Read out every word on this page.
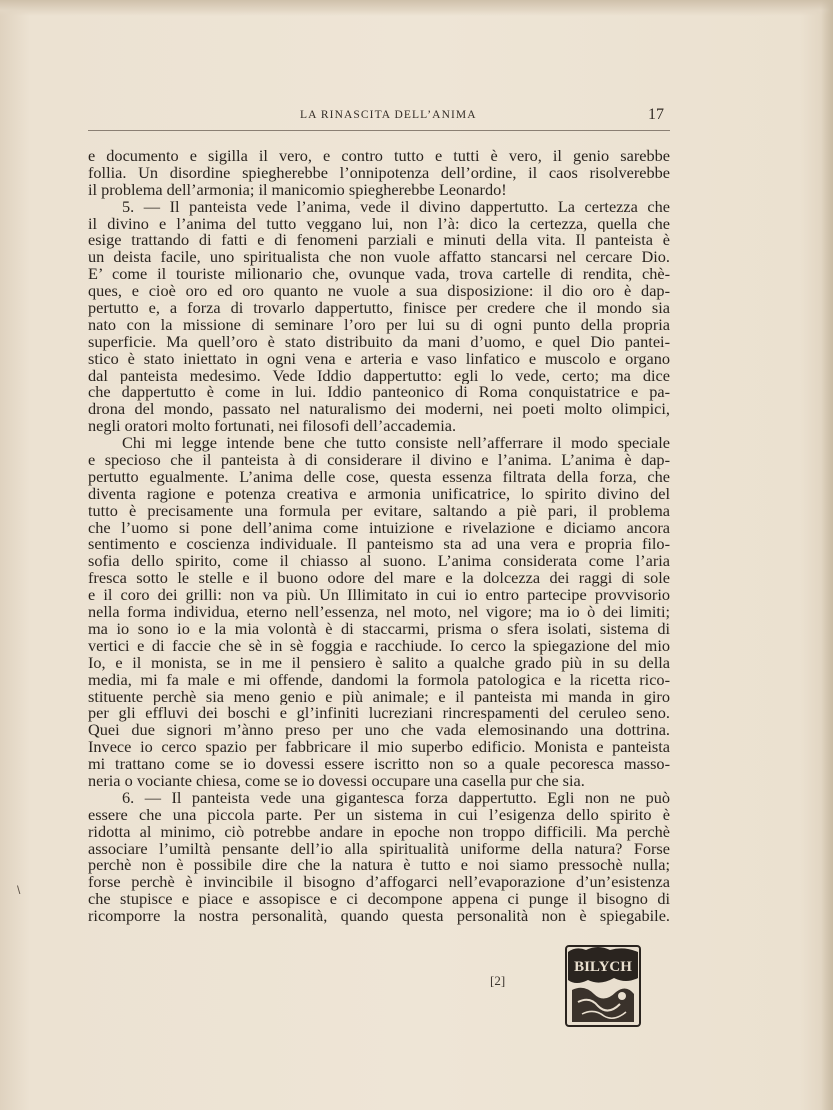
LA RINASCITA DELL’ANIMA	17
e documento e sigilla il vero, e contro tutto e tutti è vero, il genio sarebbe
follia. Un disordine spiegherebbe l’onnipotenza dell’ordine, il caos risolverebbe
il problema dell’armonia; il manicomio spiegherebbe Leonardo!
5. — Il panteista vede l’anima, vede il divino dappertutto. La certezza che
il divino e l’anima del tutto veggano lui, non l’à: dico la certezza, quella che
esige trattando di fatti e di fenomeni parziali e minuti della vita. Il panteista è
un deista facile, uno spiritualista che non vuole affatto stancarsi nel cercare Dio.
E’ come il touriste milionario che, ovunque vada, trova cartelle di rendita, chè-
ques, e cioè oro ed oro quanto ne vuole a sua disposizione: il dio oro è dap-
pertutto e, a forza di trovarlo dappertutto, finisce per credere che il mondo sia
nato con la missione di seminare l’oro per lui su di ogni punto della propria
superficie. Ma quell’oro è stato distribuito da mani d’uomo, e quel Dio pantei-
stico è stato iniettato in ogni vena e arteria e vaso linfatico e muscolo e organo
dal panteista medesimo. Vede Iddio dappertutto: egli lo vede, certo; ma dice
che dappertutto è come in lui. Iddio panteonico di Roma conquistatrice e pa-
drona del mondo, passato nel naturalismo dei moderni, nei poeti molto olimpici,
negli oratori molto fortunati, nei filosofi dell’accademia.
Chi mi legge intende bene che tutto consiste nell’afferrare il modo speciale
e specioso che il panteista à di considerare il divino e l’anima. L’anima è dap-
pertutto egualmente. L’anima delle cose, questa essenza filtrata della forza, che
diventa ragione e potenza creativa e armonia unificatrice, lo spirito divino del
tutto è precisamente una formula per evitare, saltando a piè pari, il problema
che l’uomo si pone dell’anima come intuizione e rivelazione e diciamo ancora
sentimento e coscienza individuale. Il panteismo sta ad una vera e propria filo-
sofia dello spirito, come il chiasso al suono. L’anima considerata come l’aria
fresca sotto le stelle e il buono odore del mare e la dolcezza dei raggi di sole
e il coro dei grilli: non va più. Un Illimitato in cui io entro partecipe provvisorio
nella forma individua, eterno nell’essenza, nel moto, nel vigore; ma io ò dei limiti;
ma io sono io e la mia volontà è di staccarmi, prisma o sfera isolati, sistema di
vertici e di faccie che sè in sè foggia e racchiude. Io cerco la spiegazione del mio
Io, e il monista, se in me il pensiero è salito a qualche grado più in su della
media, mi fa male e mi offende, dandomi la formola patologica e la ricetta rico-
stituente perchè sia meno genio e più animale; e il panteista mi manda in giro
per gli effluvi dei boschi e gl’infiniti lucreziani rincrespamenti del ceruleo seno.
Quei due signori m’ànno preso per uno che vada elemosinando una dottrina.
Invece io cerco spazio per fabbricare il mio superbo edificio. Monista e panteista
mi trattano come se io dovessi essere iscritto non so a quale pecoresca masso-
neria o vociante chiesa, come se io dovessi occupare una casella pur che sia.
6. — Il panteista vede una gigantesca forza dappertutto. Egli non ne può
essere che una piccola parte. Per un sistema in cui l’esigenza dello spirito è
ridotta al minimo, ciò potrebbe andare in epoche non troppo difficili. Ma perchè
associare l’umiltà pensante dell’io alla spiritualità uniforme della natura? Forse
perchè non è possibile dire che la natura è tutto e noi siamo pressochè nulla;
forse perchè è invincibile il bisogno d’affogarci nell’evaporazione d’un’esistenza
che stupisce e piace e assopisce e ci decompone appena ci punge il bisogno di
ricomporre la nostra personalità, quando questa personalità non è spiegabile.
\
[2]
BILYCH
